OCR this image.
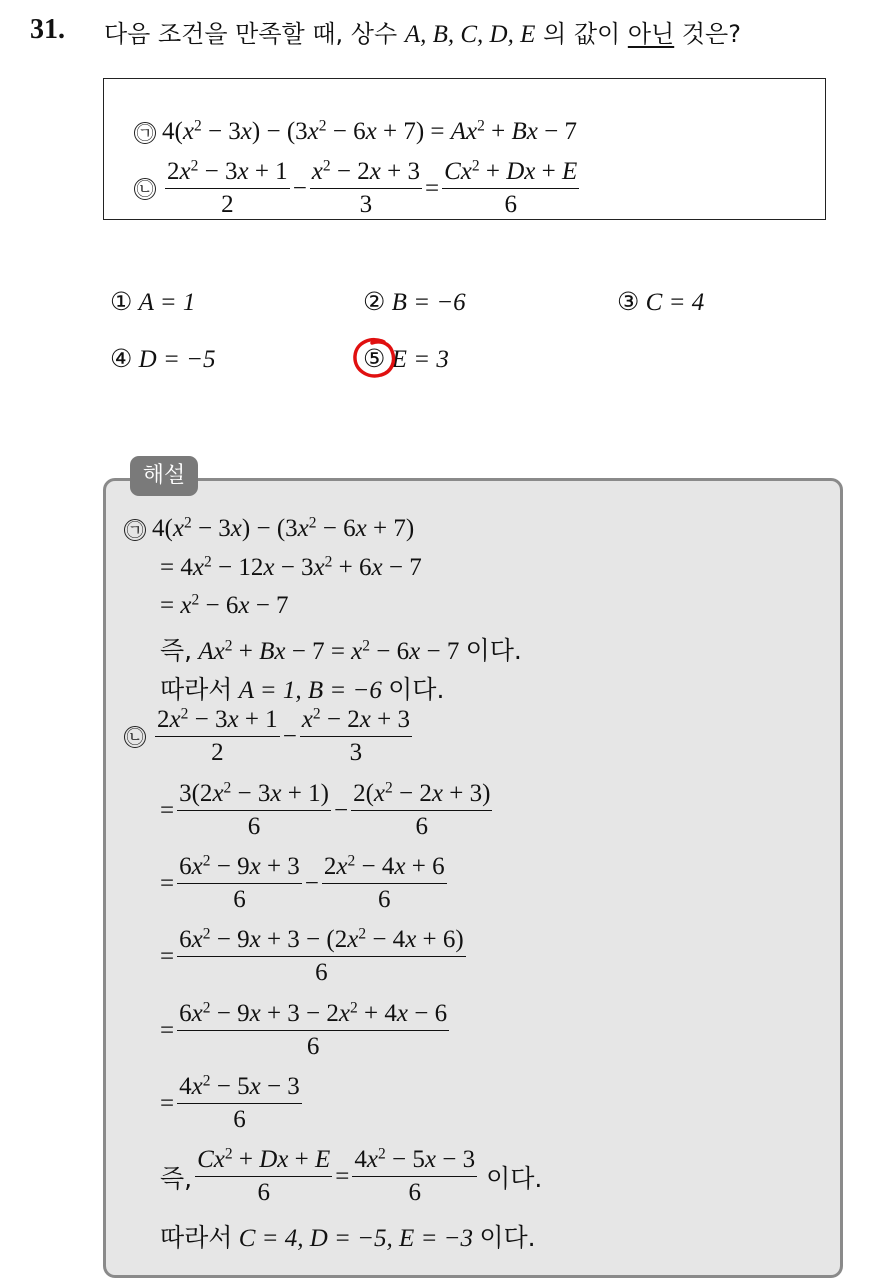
31. 다음 조건을 만족할 때, 상수 A, B, C, D, E 의 값이 아닌 것은?
㉠ $4(x^2 - 3x) - (3x^2 - 6x + 7) = Ax^2 + Bx - 7$
㉡ $\frac{2x^2 - 3x + 1}{2} - \frac{x^2 - 2x + 3}{3} = \frac{Cx^2 + Dx + E}{6}$
① A = 1	② B = −6	③ C = 4
④ D = −5	⑤ E = 3
해설
㉠ $4(x^2 - 3x) - (3x^2 - 6x + 7)$
= $4x^2 - 12x - 3x^2 + 6x - 7$
= $x^2 - 6x - 7$
즉, $Ax^2 + Bx - 7 = x^2 - 6x - 7$ 이다.
따라서 A = 1, B = −6 이다.
㉡ $\frac{2x^2 - 3x + 1}{2} - \frac{x^2 - 2x + 3}{3}$
= $\frac{3(2x^2 - 3x + 1)}{6} - \frac{2(x^2 - 2x + 3)}{6}$
= $\frac{6x^2 - 9x + 3}{6} - \frac{2x^2 - 4x + 6}{6}$
= $\frac{6x^2 - 9x + 3 - (2x^2 - 4x + 6)}{6}$
= $\frac{6x^2 - 9x + 3 - 2x^2 + 4x - 6}{6}$
= $\frac{4x^2 - 5x - 3}{6}$
즉, $\frac{Cx^2 + Dx + E}{6} = \frac{4x^2 - 5x - 3}{6}$ 이다.
따라서 C = 4, D = −5, E = −3 이다.
